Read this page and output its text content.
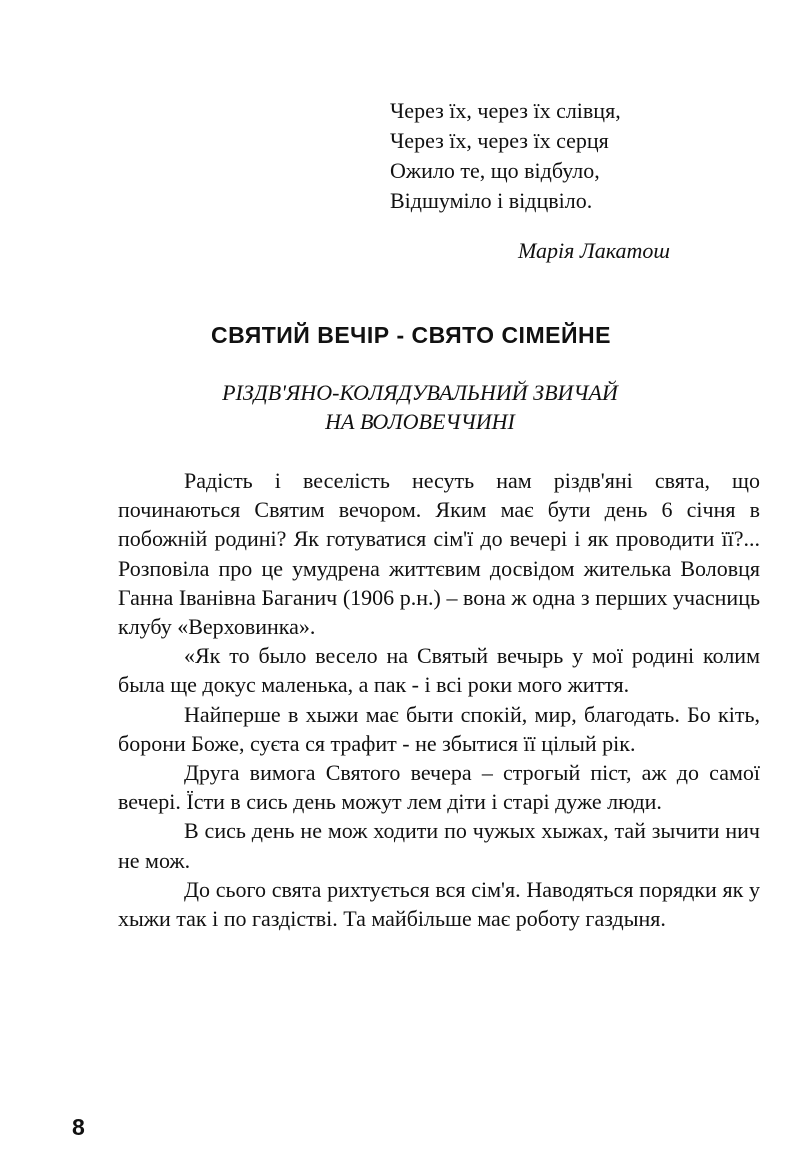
Через їх, через їх слівця,
Через їх, через їх серця
Ожило те, що відбуло,
Відшуміло і відцвіло.
Марія Лакатош
СВЯТИЙ ВЕЧІР - СВЯТО СІМЕЙНЕ
РІЗДВ'ЯНО-КОЛЯДУВАЛЬНИЙ ЗВИЧАЙ
НА ВОЛОВЕЧЧИНІ

Радість і веселість несуть нам різдв'яні свята, що починаються Святим вечором. Яким має бути день 6 січня в побожній родині? Як готуватися сім'ї до вечері і як проводити її?... Розповіла про це умудрена життєвим досвідом жителька Воловця Ганна Іванівна Баганич (1906 р.н.) – вона ж одна з перших учасниць клубу «Верховинка».

«Як то было весело на Святый вечырь у мої родині колим была ще докус маленька, а пак - і всі роки мого життя.

Найперше в хыжи має быти спокій, мир, благодать. Бо кіть, борони Боже, суєта ся трафит - не збытися її цілый рік.

Друга вимога Святого вечера – строгый піст, аж до самої вечері. Їсти в сись день можут лем діти і старі дуже люди.

В сись день не мож ходити по чужых хыжах, тай зычити нич не мож.

До сього свята рихтується вся сім'я. Наводяться порядки як у хыжи так і по газдістві. Та майбільше має роботу газдыня.

8
